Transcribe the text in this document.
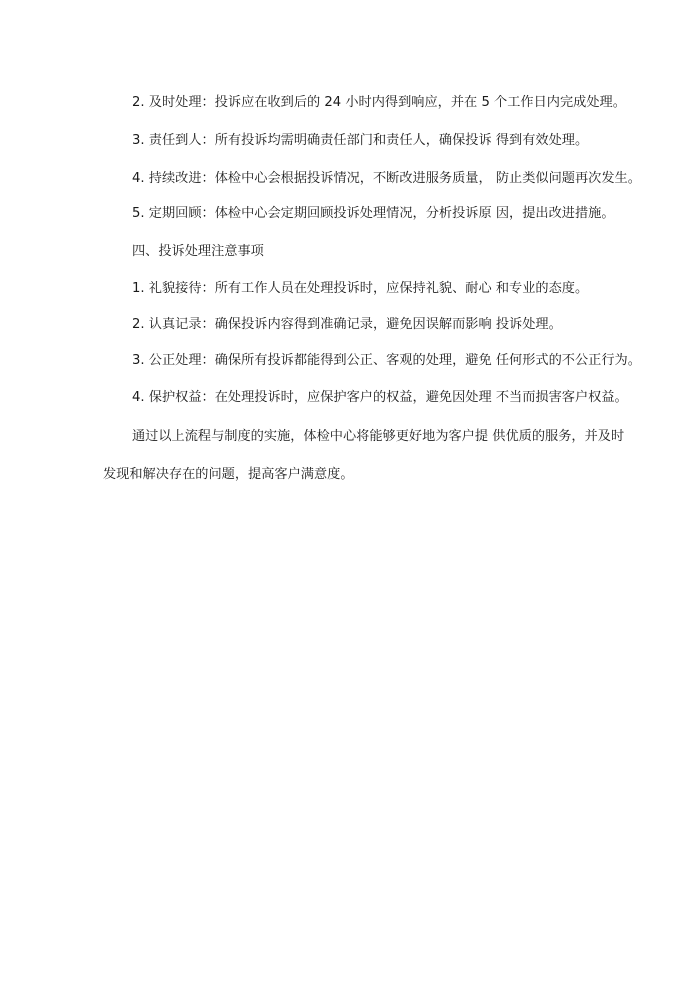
2. 及时处理：投诉应在收到后的 24 小时内得到响应，并在 5 个工作日内完成处理。
3. 责任到人：所有投诉均需明确责任部门和责任人，确保投诉 得到有效处理。
4. 持续改进：体检中心会根据投诉情况，不断改进服务质量， 防止类似问题再次发生。
5. 定期回顾：体检中心会定期回顾投诉处理情况，分析投诉原 因，提出改进措施。
四、投诉处理注意事项
1. 礼貌接待：所有工作人员在处理投诉时，应保持礼貌、耐心 和专业的态度。
2. 认真记录：确保投诉内容得到准确记录，避免因误解而影响 投诉处理。
3. 公正处理：确保所有投诉都能得到公正、客观的处理，避免 任何形式的不公正行为。
4. 保护权益：在处理投诉时，应保护客户的权益，避免因处理 不当而损害客户权益。
通过以上流程与制度的实施，体检中心将能够更好地为客户提 供优质的服务，并及时
发现和解决存在的问题，提高客户满意度。
